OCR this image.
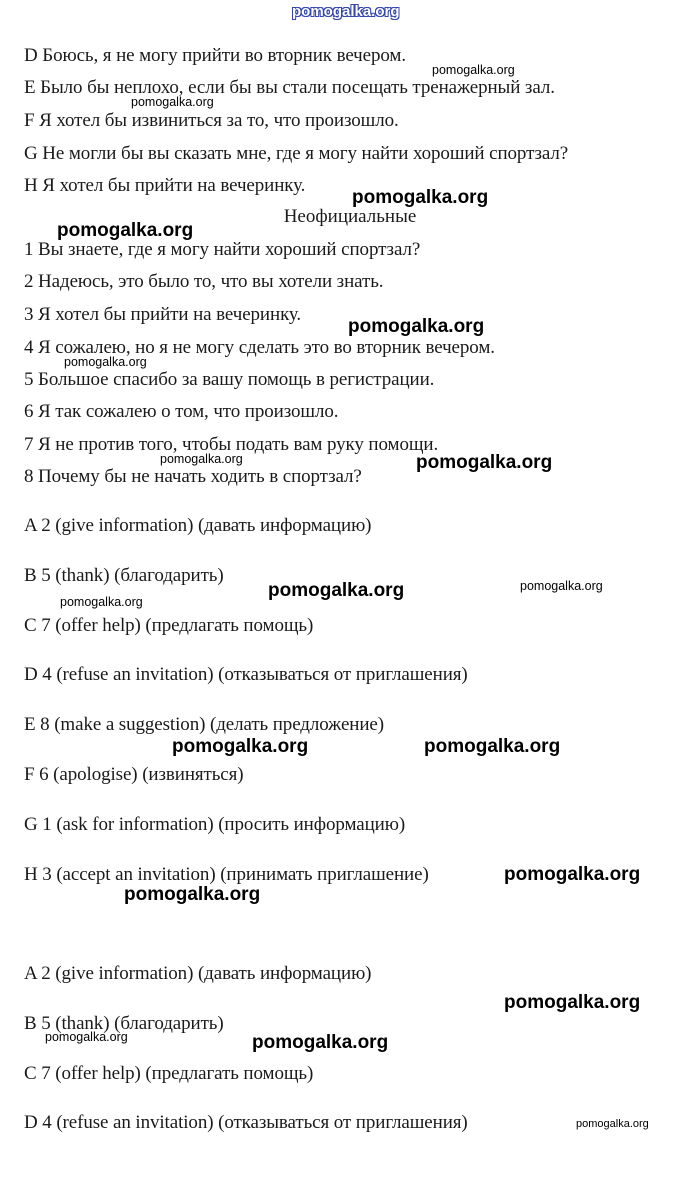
pomogalka.org
D Боюсь, я не могу прийти во вторник вечером.
E Было бы неплохо, если бы вы стали посещать тренажерный зал.
F Я хотел бы извиниться за то, что произошло.
G Не могли бы вы сказать мне, где я могу найти хороший спортзал?
H Я хотел бы прийти на вечеринку.
Неофициальные
1 Вы знаете, где я могу найти хороший спортзал?
2 Надеюсь, это было то, что вы хотели знать.
3 Я хотел бы прийти на вечеринку.
4 Я сожалею, но я не могу сделать это во вторник вечером.
5 Большое спасибо за вашу помощь в регистрации.
6 Я так сожалею о том, что произошло.
7 Я не против того, чтобы подать вам руку помощи.
8 Почему бы не начать ходить в спортзал?
A 2 (give information) (давать информацию)
B 5 (thank) (благодарить)
C 7 (offer help) (предлагать помощь)
D 4 (refuse an invitation) (отказываться от приглашения)
E 8 (make a suggestion) (делать предложение)
F 6 (apologise) (извиняться)
G 1 (ask for information) (просить информацию)
H 3 (accept an invitation) (принимать приглашение)
A 2 (give information) (давать информацию)
B 5 (thank) (благодарить)
C 7 (offer help) (предлагать помощь)
D 4 (refuse an invitation) (отказываться от приглашения)
pomogalka.org
pomogalka.org
pomogalka.org
pomogalka.org
pomogalka.org
pomogalka.org
pomogalka.org	pomogalka.org
pomogalka.org	pomogalka.org
pomogalka.org
pomogalka.org	pomogalka.org
pomogalka.org
pomogalka.org
pomogalka.org
pomogalka.org	pomogalka.org
pomogalka.org
